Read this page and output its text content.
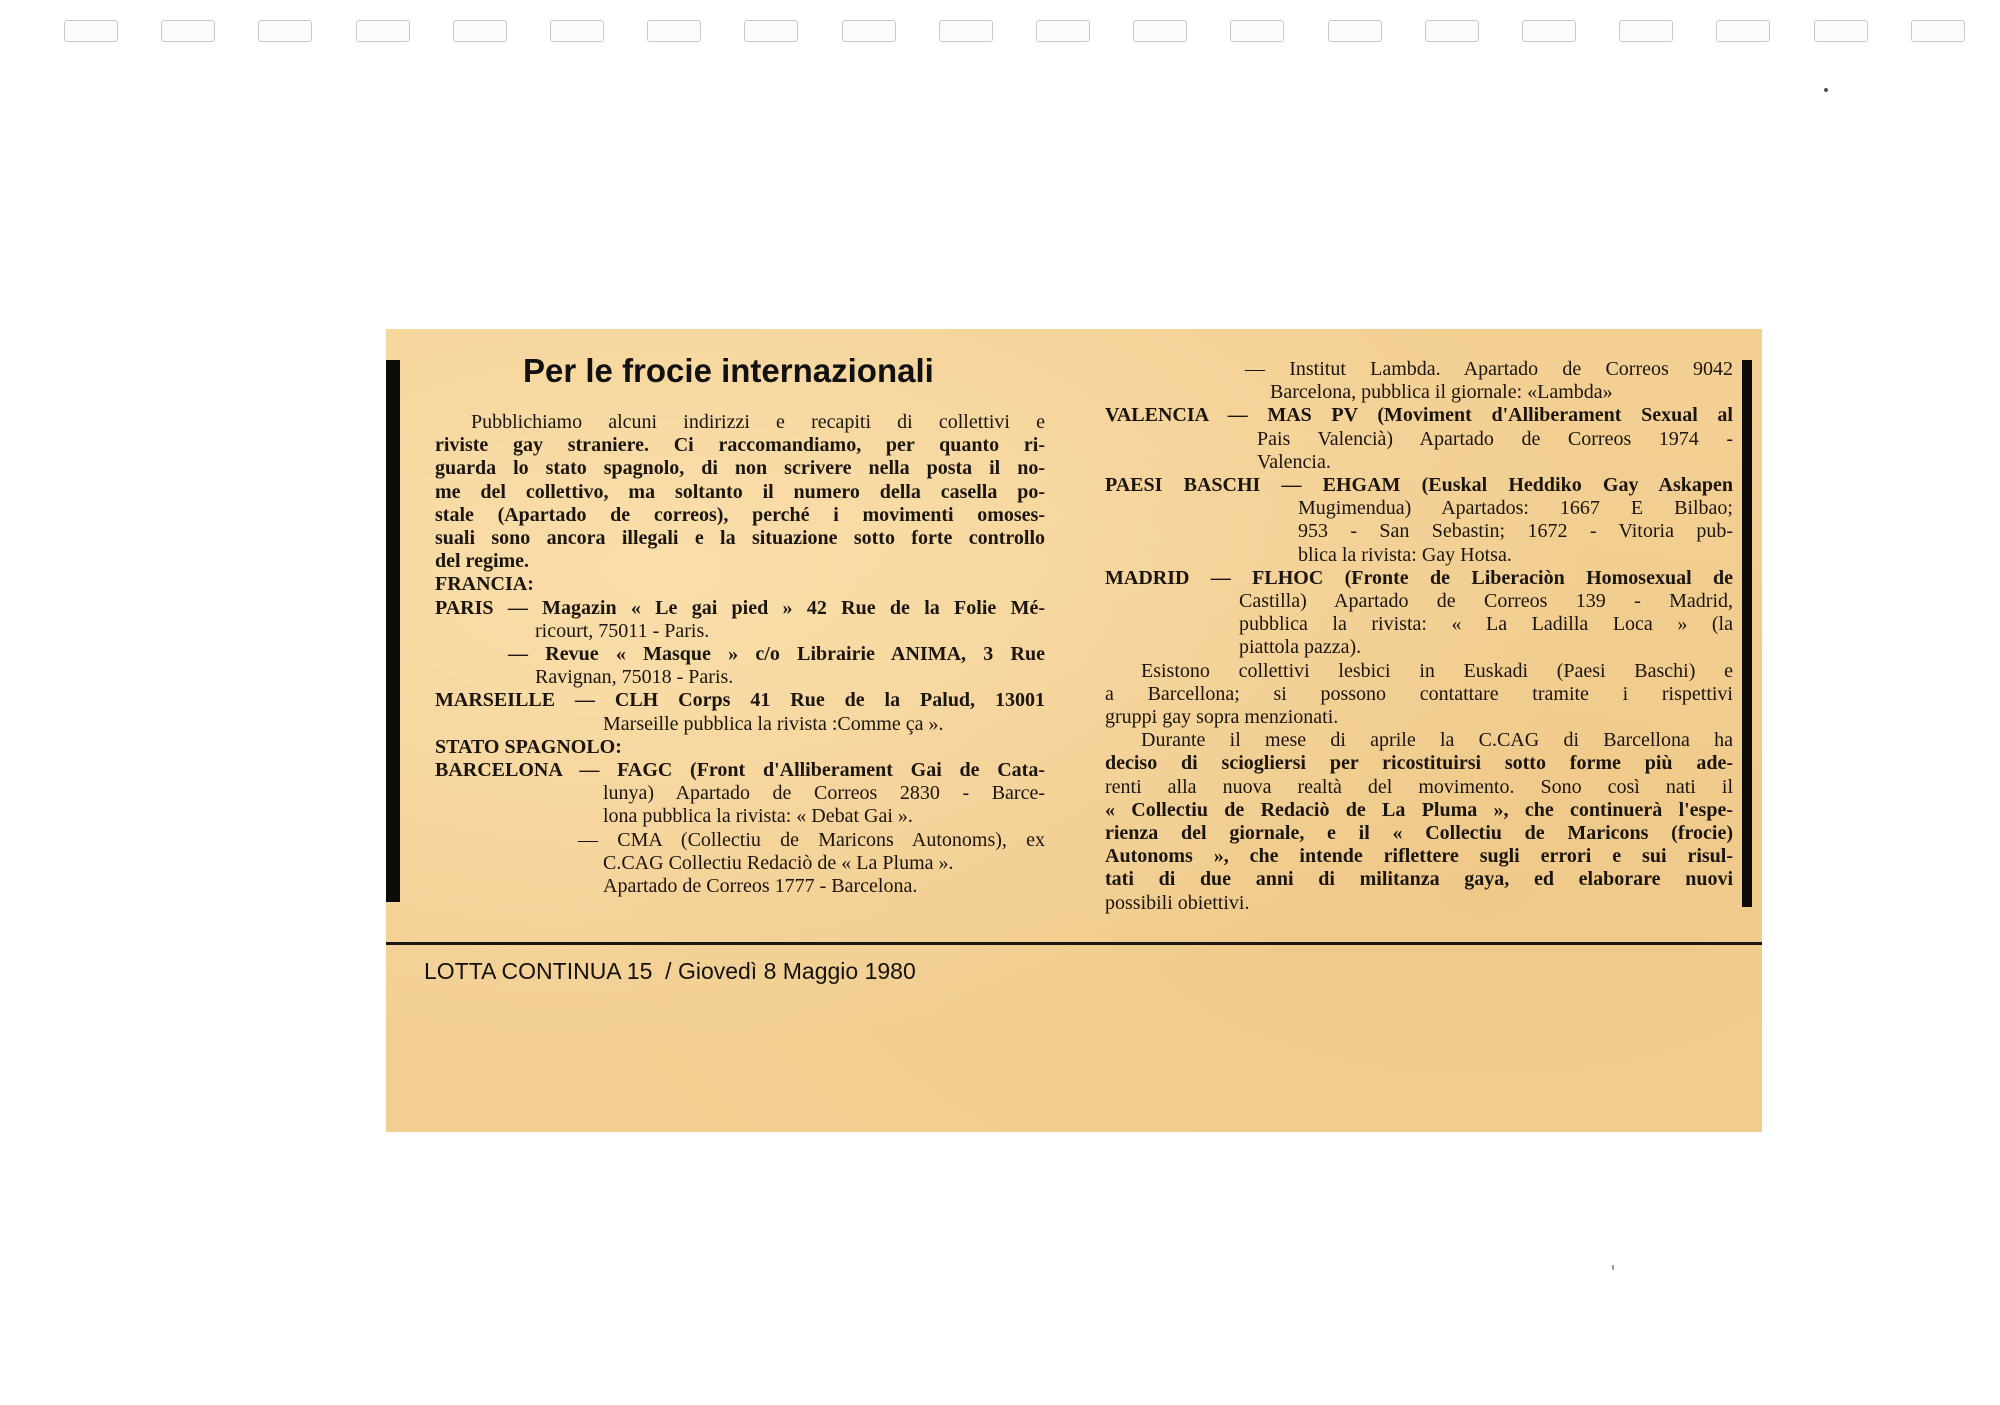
Per le frocie internazionali
Pubblichiamo alcuni indirizzi e recapiti di collettivi e
riviste gay straniere. Ci raccomandiamo, per quanto ri-
guarda lo stato spagnolo, di non scrivere nella posta il no-
me del collettivo, ma soltanto il numero della casella po-
stale (Apartado de correos), perché i movimenti omoses-
suali sono ancora illegali e la situazione sotto forte controllo
del regime.
FRANCIA:
PARIS — Magazin « Le gai pied » 42 Rue de la Folie Mé-
ricourt, 75011 - Paris.
— Revue « Masque » c/o Librairie ANIMA, 3 Rue
Ravignan, 75018 - Paris.
MARSEILLE — CLH Corps 41 Rue de la Palud, 13001
Marseille pubblica la rivista :Comme ça ».
STATO SPAGNOLO:
BARCELONA — FAGC (Front d'Alliberament Gai de Cata-
lunya) Apartado de Correos 2830 - Barce-
lona pubblica la rivista: « Debat Gai ».
— CMA (Collectiu de Maricons Autonoms), ex
C.CAG Collectiu Redaciò de « La Pluma ».
Apartado de Correos 1777 - Barcelona.
— Institut Lambda. Apartado de Correos 9042
Barcelona, pubblica il giornale: «Lambda»
VALENCIA — MAS PV (Moviment d'Alliberament Sexual al
Pais Valencià) Apartado de Correos 1974 -
Valencia.
PAESI BASCHI — EHGAM (Euskal Heddiko Gay Askapen
Mugimendua) Apartados: 1667 E Bilbao;
953 - San Sebastin; 1672 - Vitoria pub-
blica la rivista: Gay Hotsa.
MADRID — FLHOC (Fronte de Liberaciòn Homosexual de
Castilla) Apartado de Correos 139 - Madrid,
pubblica la rivista: « La Ladilla Loca » (la
piattola pazza).
Esistono collettivi lesbici in Euskadi (Paesi Baschi) e
a Barcellona; si possono contattare tramite i rispettivi
gruppi gay sopra menzionati.
Durante il mese di aprile la C.CAG di Barcellona ha
deciso di sciogliersi per ricostituirsi sotto forme più ade-
renti alla nuova realtà del movimento. Sono così nati il
« Collectiu de Redaciò de La Pluma », che continuerà l'espe-
rienza del giornale, e il « Collectiu de Maricons (frocie)
Autonoms », che intende riflettere sugli errori e sui risul-
tati di due anni di militanza gaya, ed elaborare nuovi
possibili obiettivi.
LOTTA CONTINUA 15 / Giovedì 8 Maggio 1980
